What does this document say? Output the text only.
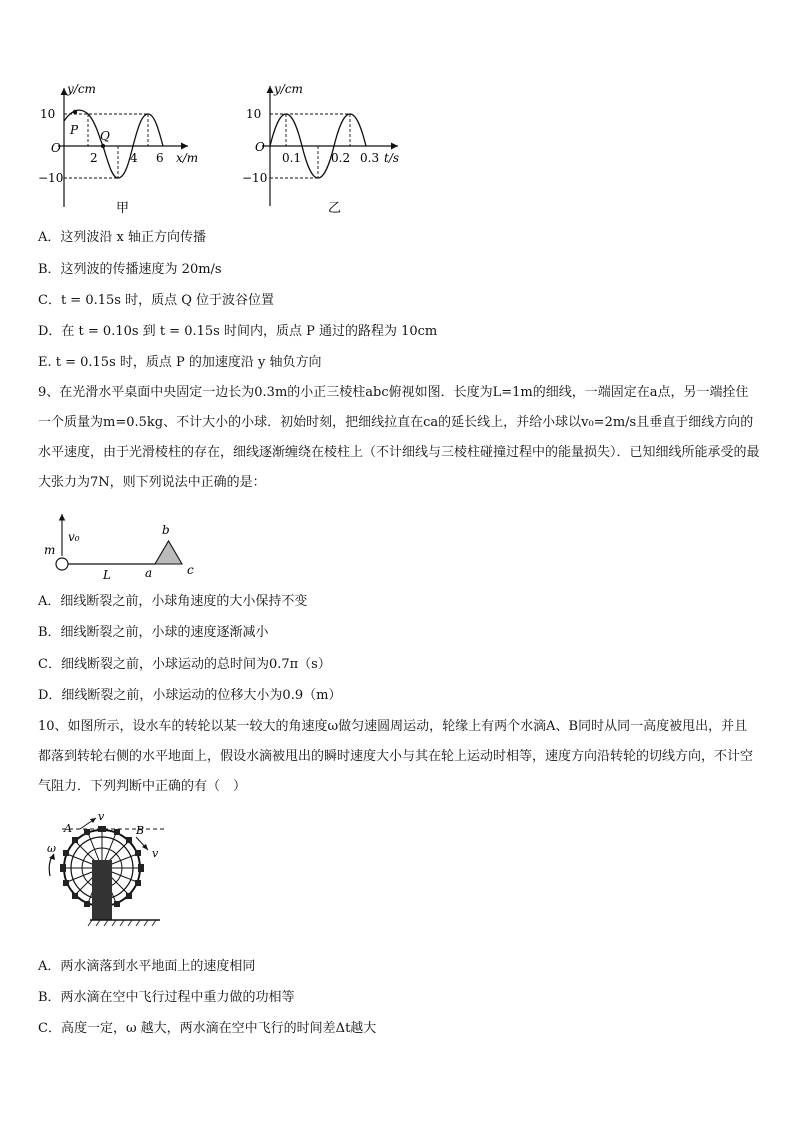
y/cm
10
O
−10
P Q
2	4 6 x/m
甲
y/cm
10
O
−10
0.1 0.2 0.3 t/s
乙
A．这列波沿 x 轴正方向传播
B．这列波的传播速度为 20m/s
C．t = 0.15s 时，质点 Q 位于波谷位置
D．在 t = 0.10s 到 t = 0.15s 时间内，质点 P 通过的路程为 10cm
E. t = 0.15s 时，质点 P 的加速度沿 y 轴负方向
9、在光滑水平桌面中央固定一边长为0.3m的小正三棱柱abc俯视如图．长度为L=1m的细线，一端固定在a点，另一端拴住一个质量为m=0.5kg、不计大小的小球．初始时刻，把细线拉直在ca的延长线上，并给小球以v₀=2m/s且垂直于细线方向的水平速度，由于光滑棱柱的存在，细线逐渐缠绕在棱柱上（不计细线与三棱柱碰撞过程中的能量损失）．已知细线所能承受的最大张力为7N，则下列说法中正确的是：
m
v₀
L	a
b
c
A．细线断裂之前，小球角速度的大小保持不变
B．细线断裂之前，小球的速度逐渐减小
C．细线断裂之前，小球运动的总时间为0.7π（s）
D．细线断裂之前，小球运动的位移大小为0.9（m）
10、如图所示，设水车的转轮以某一较大的角速度ω做匀速圆周运动，轮缘上有两个水滴A、B同时从同一高度被甩出，并且都落到转轮右侧的水平地面上，假设水滴被甩出的瞬时速度大小与其在轮上运动时相等，速度方向沿转轮的切线方向，不计空气阻力．下列判断中正确的有（　）
A	B
v
v
ω
A．两水滴落到水平地面上的速度相同
B．两水滴在空中飞行过程中重力做的功相等
C．高度一定，ω 越大，两水滴在空中飞行的时间差Δt越大
